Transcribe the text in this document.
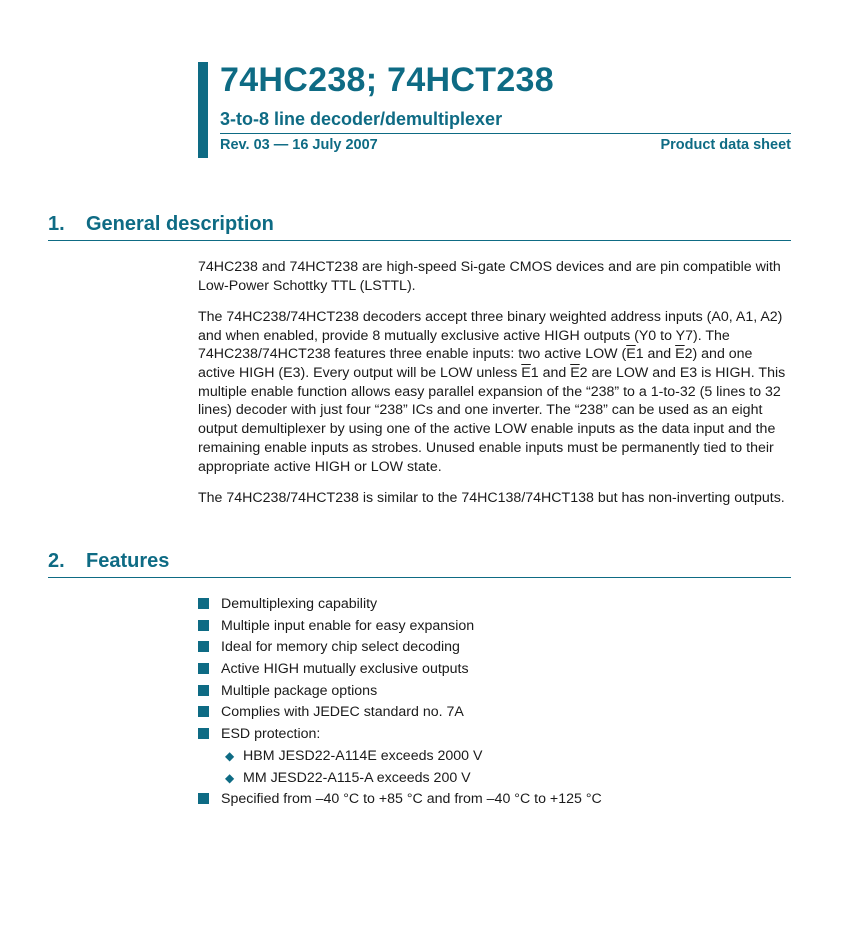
74HC238; 74HCT238
3-to-8 line decoder/demultiplexer
Rev. 03 — 16 July 2007	Product data sheet
1. General description

74HC238 and 74HCT238 are high-speed Si-gate CMOS devices and are pin compatible with Low-Power Schottky TTL (LSTTL).

The 74HC238/74HCT238 decoders accept three binary weighted address inputs (A0, A1, A2) and when enabled, provide 8 mutually exclusive active HIGH outputs (Y0 to Y7). The 74HC238/74HCT238 features three enable inputs: two active LOW ($\overline{E}1$ and $\overline{E}2$) and one active HIGH (E3). Every output will be LOW unless $\overline{E}1$ and $\overline{E}2$ are LOW and E3 is HIGH. This multiple enable function allows easy parallel expansion of the “238” to a 1-to-32 (5 lines to 32 lines) decoder with just four “238” ICs and one inverter. The “238” can be used as an eight output demultiplexer by using one of the active LOW enable inputs as the data input and the remaining enable inputs as strobes. Unused enable inputs must be permanently tied to their appropriate active HIGH or LOW state.

The 74HC238/74HCT238 is similar to the 74HC138/74HCT138 but has non-inverting outputs.

2. Features
Demultiplexing capability
Multiple input enable for easy expansion
Ideal for memory chip select decoding
Active HIGH mutually exclusive outputs
Multiple package options
Complies with JEDEC standard no. 7A
ESD protection:
◆ HBM JESD22-A114E exceeds 2000 V
◆ MM JESD22-A115-A exceeds 200 V
Specified from –40 °C to +85 °C and from –40 °C to +125 °C
